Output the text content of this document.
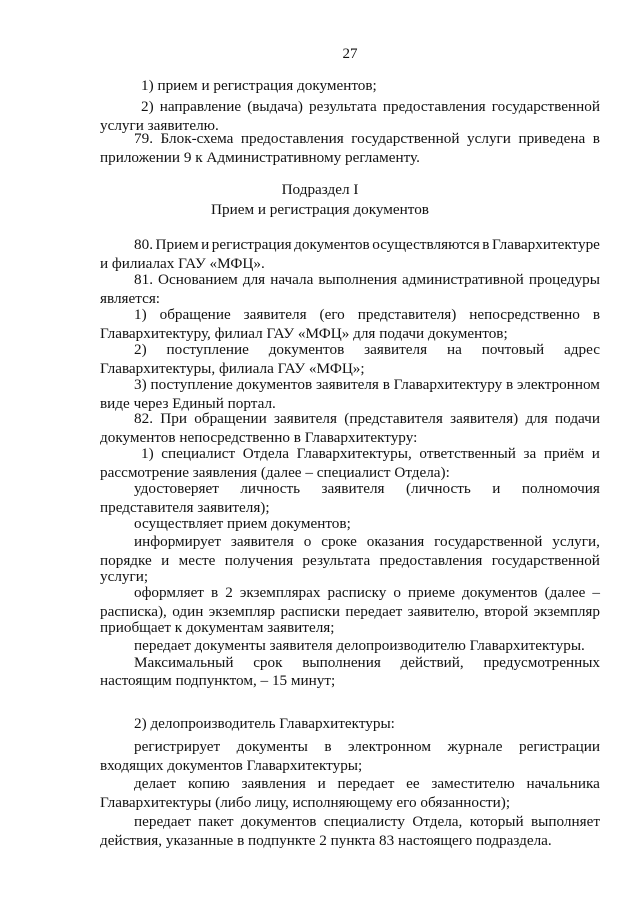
27
1) прием и регистрация документов;
2) направление (выдача) результата предоставления государственной
услуги заявителю.
79. Блок-схема предоставления государственной услуги приведена в
приложении 9 к Административному регламенту.
Подраздел I
Прием и регистрация документов
80. Прием и регистрация документов осуществляются в Главархитектуре
и филиалах ГАУ «МФЦ».
81. Основанием для начала выполнения административной процедуры
является:
1) обращение заявителя (его представителя) непосредственно в
Главархитектуру, филиал ГАУ «МФЦ» для подачи документов;
2) поступление документов заявителя на почтовый адрес
Главархитектуры, филиала ГАУ «МФЦ»;
3) поступление документов заявителя в Главархитектуру в электронном
виде через Единый портал.
82. При обращении заявителя (представителя заявителя) для подачи
документов непосредственно в Главархитектуру:
1) специалист Отдела Главархитектуры, ответственный за приём и
рассмотрение заявления (далее – специалист Отдела):
удостоверяет личность заявителя (личность и полномочия
представителя заявителя);
осуществляет прием документов;
информирует заявителя о сроке оказания государственной услуги,
порядке и месте получения результата предоставления государственной
услуги;
оформляет в 2 экземплярах расписку о приеме документов (далее –
расписка), один экземпляр расписки передает заявителю, второй экземпляр
приобщает к документам заявителя;
передает документы заявителя делопроизводителю Главархитектуры.
Максимальный срок выполнения действий, предусмотренных
настоящим подпунктом, – 15 минут;
2) делопроизводитель Главархитектуры:
регистрирует документы в электронном журнале регистрации
входящих документов Главархитектуры;
делает копию заявления и передает ее заместителю начальника
Главархитектуры (либо лицу, исполняющему его обязанности);
передает пакет документов специалисту Отдела, который выполняет
действия, указанные в подпункте 2 пункта 83 настоящего подраздела.
